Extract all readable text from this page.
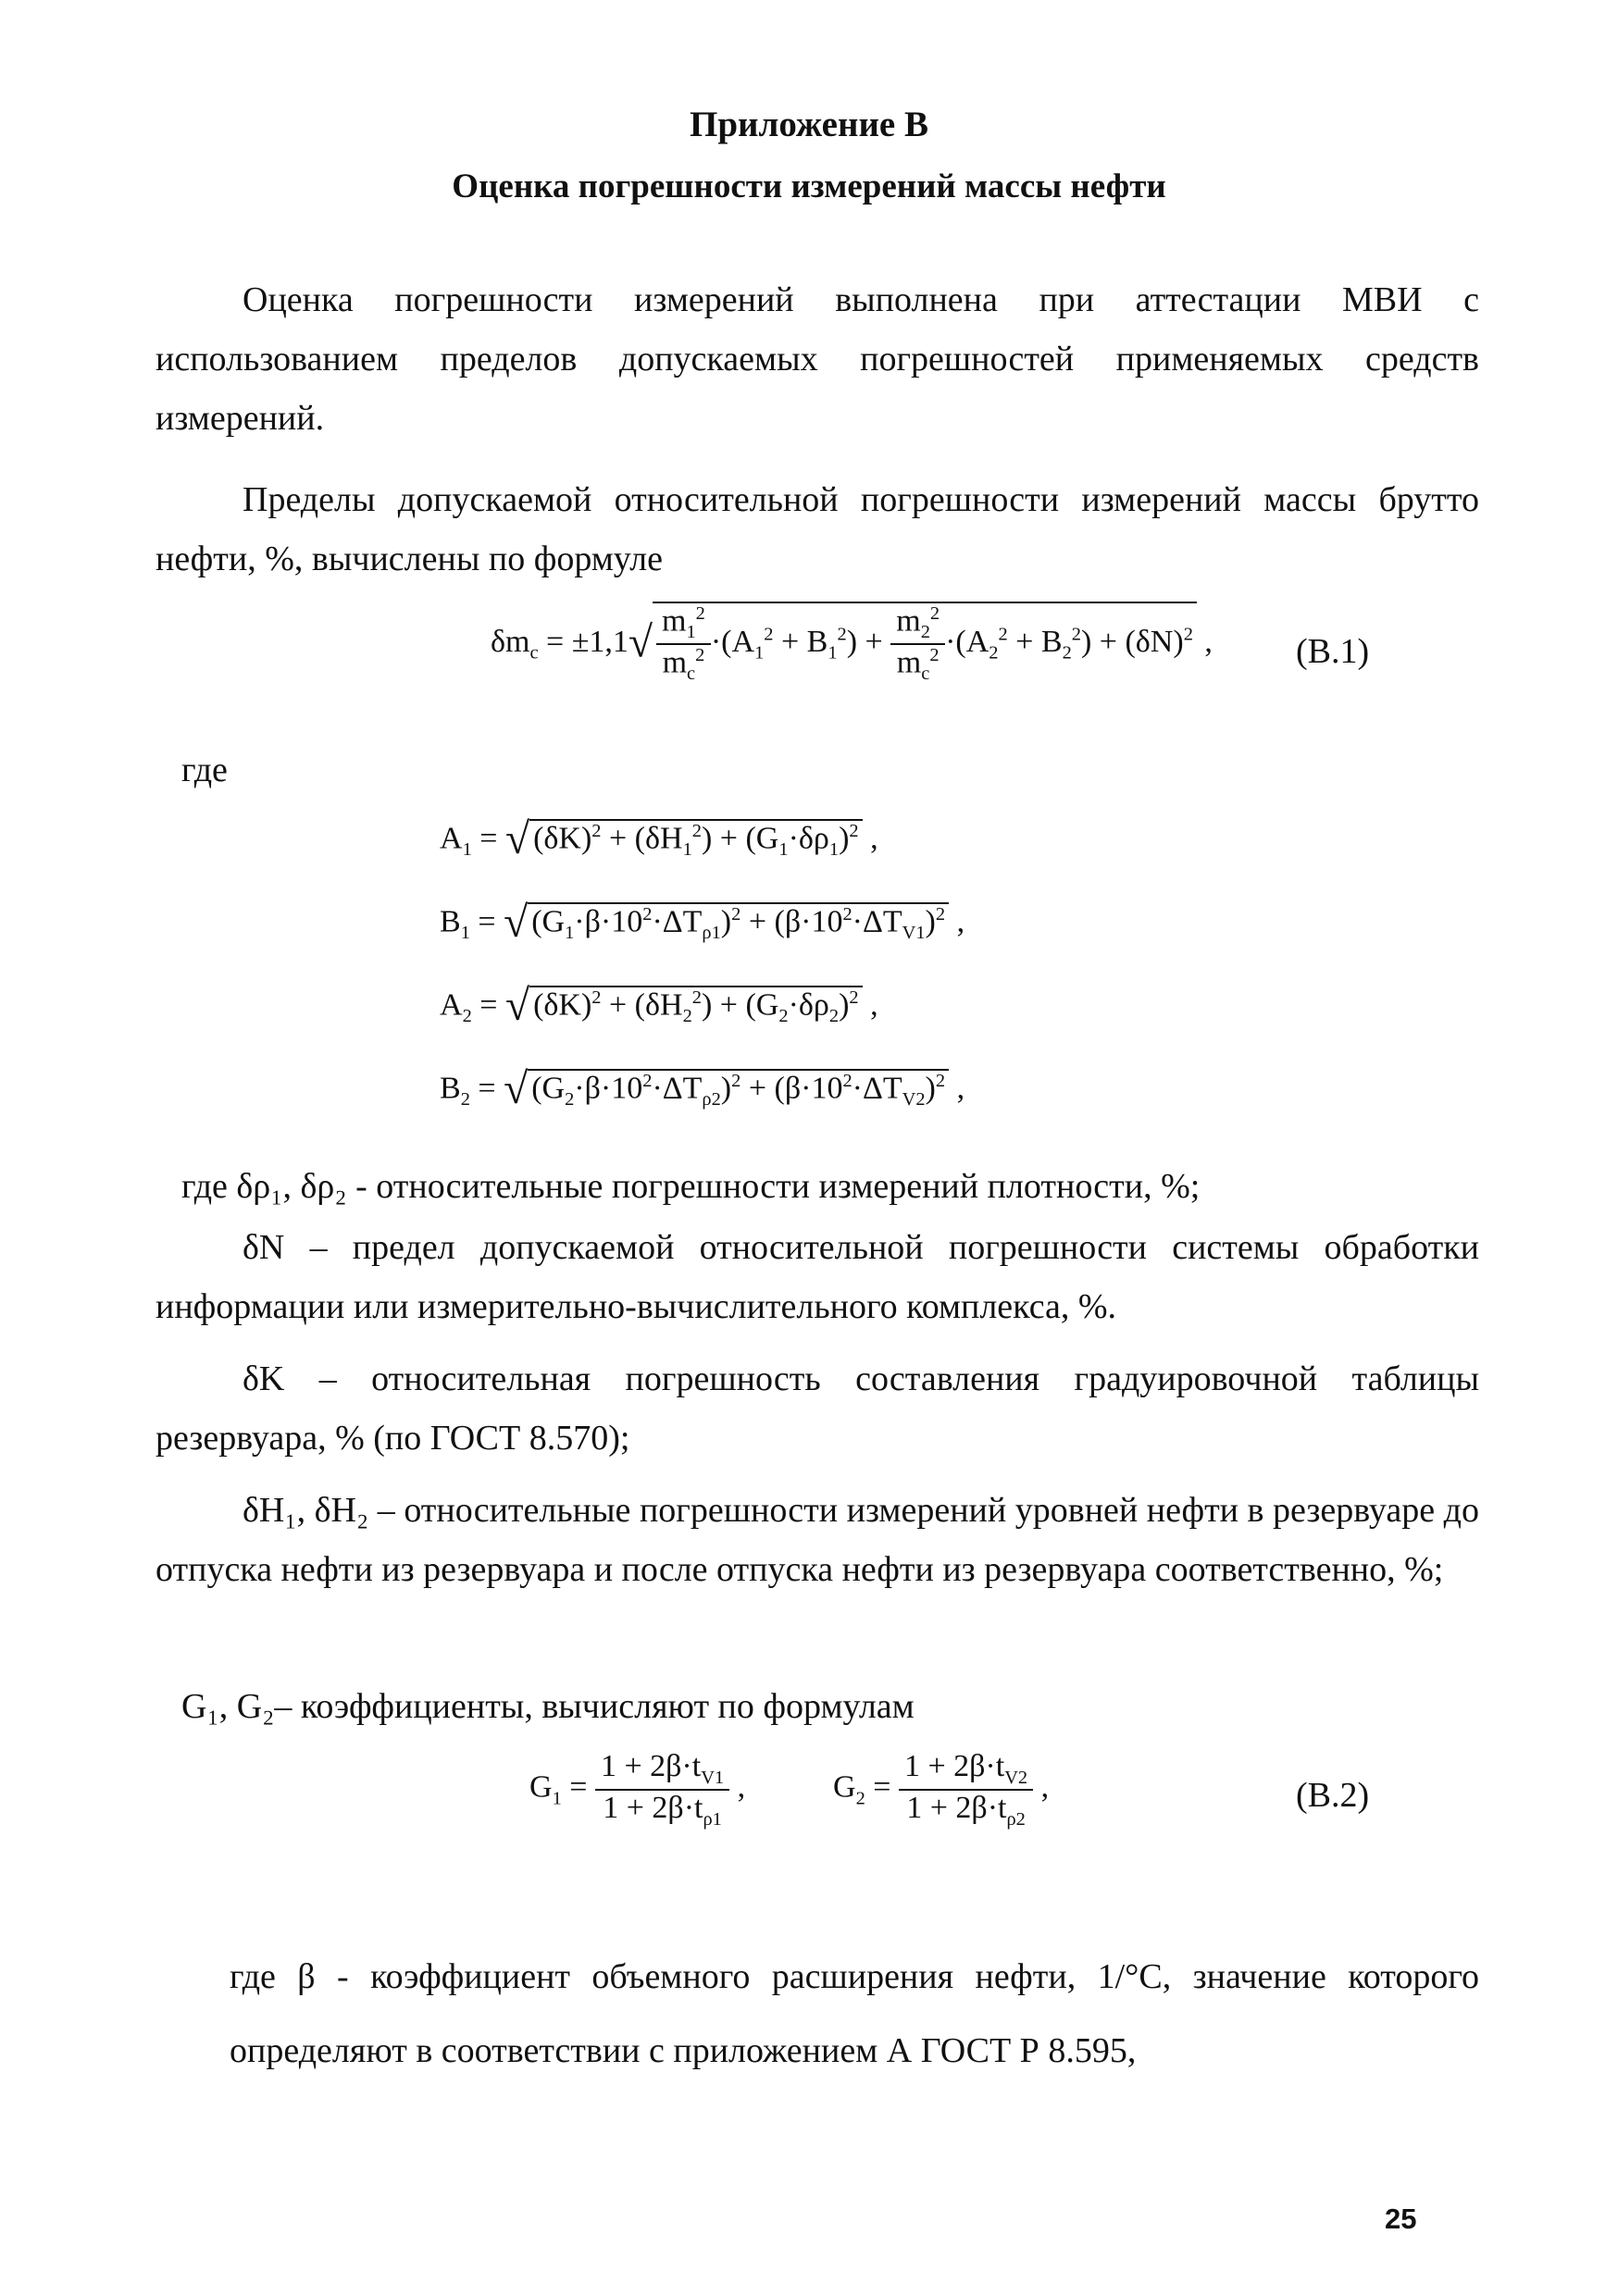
Приложение В
Оценка погрешности измерений массы нефти
Оценка погрешности измерений выполнена при аттестации МВИ с использованием пределов допускаемых погрешностей применяемых средств измерений.
Пределы допускаемой относительной погрешности измерений массы брутто нефти, %, вычислены по формуле
$\delta m_c = \pm 1,1√ \frac{m_1^2}{m_c^2} \cdot(A_1^2 + B_1^2) + \frac{m_2^2}{m_c^2} \cdot(A_2^2 + B_2^2) + (\delta N)^2$ , (B.1)
где
$A_1$ = √ $(\delta K)^2 + (\delta H_1^2) + (G_1\cdot\delta\rho_1)^2$ ,
$B_1$ = √ $(G_1\cdot\beta\cdot 10^2\cdot\Delta T_{\rho 1})^2 + (\beta\cdot 10^2\cdot\Delta T_{V1})^2$ ,
$A_2$ = √ $(\delta K)^2 + (\delta H_2^2) + (G_2\cdot\delta\rho_2)^2$ ,
$B_2$ = √ $(G_2\cdot\beta\cdot 10^2\cdot\Delta T_{\rho 2})^2 + (\beta\cdot 10^2\cdot\Delta T_{V2})^2$ ,
где δρ₁, δρ₂ - относительные погрешности измерений плотности, %;
δN – предел допускаемой относительной погрешности системы обработки информации или измерительно-вычислительного комплекса, %.
δK – относительная погрешность составления градуировочной таблицы резервуара, % (по ГОСТ 8.570);
δH₁, δH₂ – относительные погрешности измерений уровней нефти в резервуаре до отпуска нефти из резервуара и после отпуска нефти из резервуара соответственно, %;
G₁, G₂– коэффициенты, вычисляют по формулам
$G_1 = \frac{1 + 2\beta\cdot t_{V1}}{1 + 2\beta\cdot t_{\rho 1}}$ ,	$G_2 = \frac{1 + 2\beta\cdot t_{V2}}{1 + 2\beta\cdot t_{\rho 2}}$ ,	(B.2)
где β - коэффициент объемного расширения нефти, 1/°С, значение которого определяют в соответствии с приложением А ГОСТ Р 8.595,
25
